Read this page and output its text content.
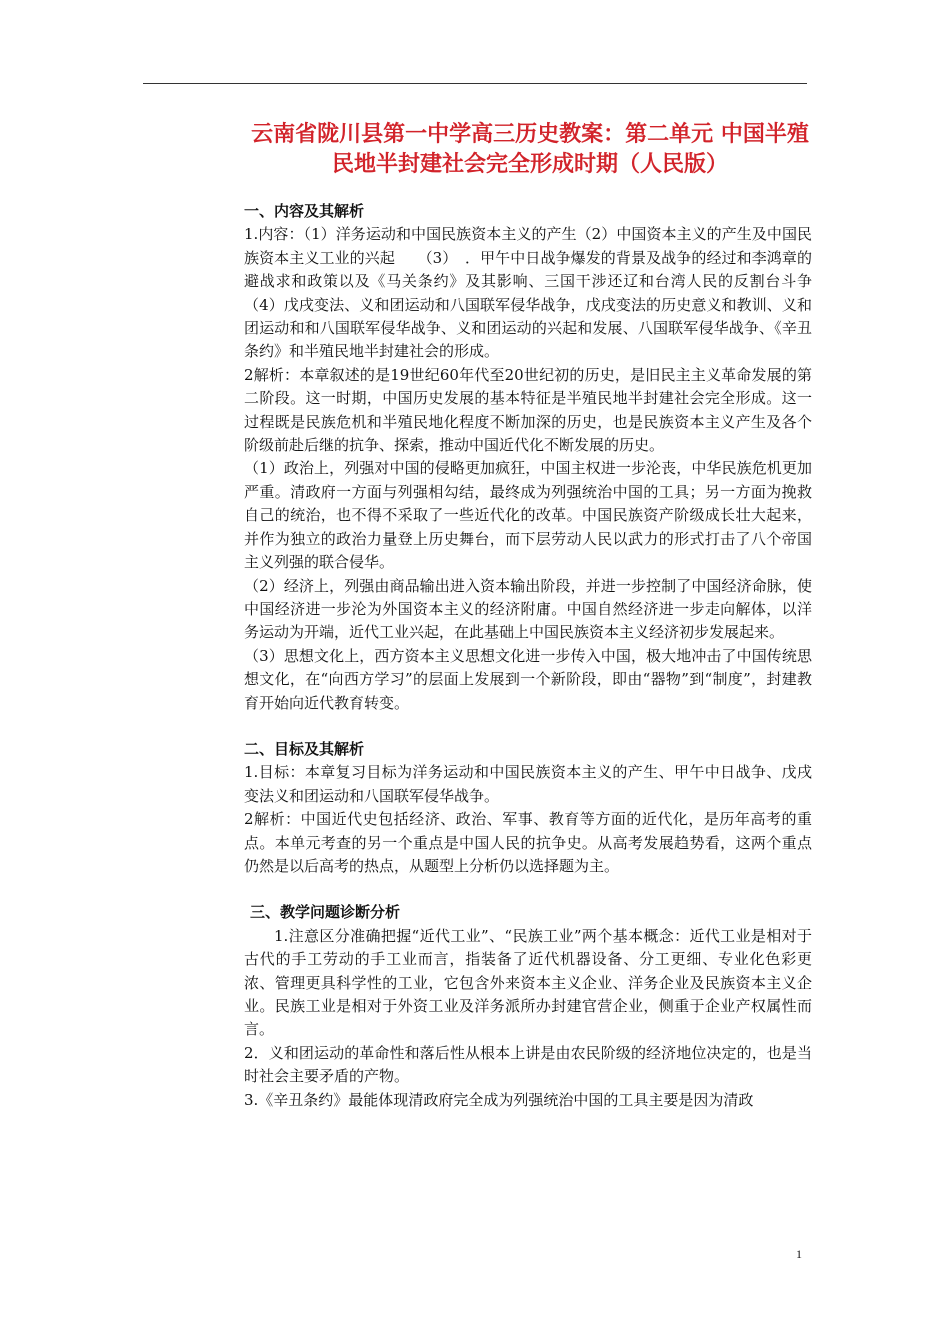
云南省陇川县第一中学高三历史教案：第二单元 中国半殖
民地半封建社会完全形成时期（人民版）

一、内容及其解析

1.内容：（1）洋务运动和中国民族资本主义的产生（2）中国资本主义的产生及中国民族资本主义工业的兴起　　（3）　．甲午中日战争爆发的背景及战争的经过和李鸿章的避战求和政策以及《马关条约》及其影响、三国干涉还辽和台湾人民的反割台斗争　　（4）戊戌变法、义和团运动和八国联军侵华战争，戊戌变法的历史意义和教训、义和团运动和和八国联军侵华战争、义和团运动的兴起和发展、八国联军侵华战争、《辛丑条约》和半殖民地半封建社会的形成。

2解析：本章叙述的是19世纪60年代至20世纪初的历史，是旧民主主义革命发展的第二阶段。这一时期，中国历史发展的基本特征是半殖民地半封建社会完全形成。这一过程既是民族危机和半殖民地化程度不断加深的历史，也是民族资本主义产生及各个阶级前赴后继的抗争、探索，推动中国近代化不断发展的历史。

（1）政治上，列强对中国的侵略更加疯狂，中国主权进一步沦丧，中华民族危机更加严重。清政府一方面与列强相勾结，最终成为列强统治中国的工具；另一方面为挽救自己的统治，也不得不采取了一些近代化的改革。中国民族资产阶级成长壮大起来，并作为独立的政治力量登上历史舞台，而下层劳动人民以武力的形式打击了八个帝国主义列强的联合侵华。

（2）经济上，列强由商品输出进入资本输出阶段，并进一步控制了中国经济命脉，使中国经济进一步沦为外国资本主义的经济附庸。中国自然经济进一步走向解体，以洋务运动为开端，近代工业兴起，在此基础上中国民族资本主义经济初步发展起来。

（3）思想文化上，西方资本主义思想文化进一步传入中国，极大地冲击了中国传统思想文化，在“向西方学习”的层面上发展到一个新阶段，即由“器物”到“制度”，封建教育开始向近代教育转变。

二、目标及其解析

1.目标：本章复习目标为洋务运动和中国民族资本主义的产生、甲午中日战争、戊戌变法义和团运动和八国联军侵华战争。

2解析：中国近代史包括经济、政治、军事、教育等方面的近代化，是历年高考的重点。本单元考查的另一个重点是中国人民的抗争史。从高考发展趋势看，这两个重点仍然是以后高考的热点，从题型上分析仍以选择题为主。

三、教学问题诊断分析

1.注意区分准确把握“近代工业”、“民族工业”两个基本概念：近代工业是相对于古代的手工劳动的手工业而言，指装备了近代机器设备、分工更细、专业化色彩更浓、管理更具科学性的工业，它包含外来资本主义企业、洋务企业及民族资本主义企业。民族工业是相对于外资工业及洋务派所办封建官营企业，侧重于企业产权属性而言。

2．义和团运动的革命性和落后性从根本上讲是由农民阶级的经济地位决定的，也是当时社会主要矛盾的产物。

3.《辛丑条约》最能体现清政府完全成为列强统治中国的工具主要是因为清政

1
